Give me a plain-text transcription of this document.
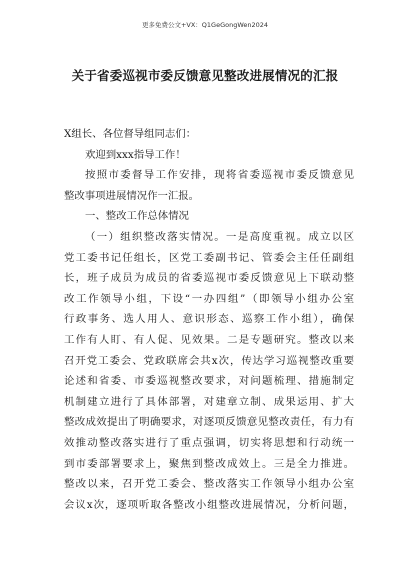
更多免费公文+VX：Q1GeGongWen2024
关于省委巡视市委反馈意见整改进展情况的汇报
X组长、各位督导组同志们：
欢迎到xxx指导工作！
按照市委督导工作安排，现将省委巡视市委反馈意见
整改事项进展情况作一汇报。
一、整改工作总体情况
（一）组织整改落实情况。一是高度重视。成立以区
党工委书记任组长，区党工委副书记、管委会主任任副组
长，班子成员为成员的省委巡视市委反馈意见上下联动整
改工作领导小组，下设“一办四组”（即领导小组办公室
行政事务、选人用人、意识形态、巡察工作小组），确保
工作有人盯、有人促、见效果。二是专题研究。整改以来
召开党工委会、党政联席会共x次，传达学习巡视整改重要
论述和省委、市委巡视整改要求，对问题梳理、措施制定
机制建立进行了具体部署，对建章立制、成果运用、扩大
整改成效提出了明确要求，对逐项反馈意见整改责任，有力有
效推动整改落实进行了重点强调，切实将思想和行动统一
到市委部署要求上，聚焦到整改成效上。三是全力推进。
整改以来，召开党工委会、整改落实工作领导小组办公室
会议x次，逐项听取各整改小组整改进展情况，分析问题，
